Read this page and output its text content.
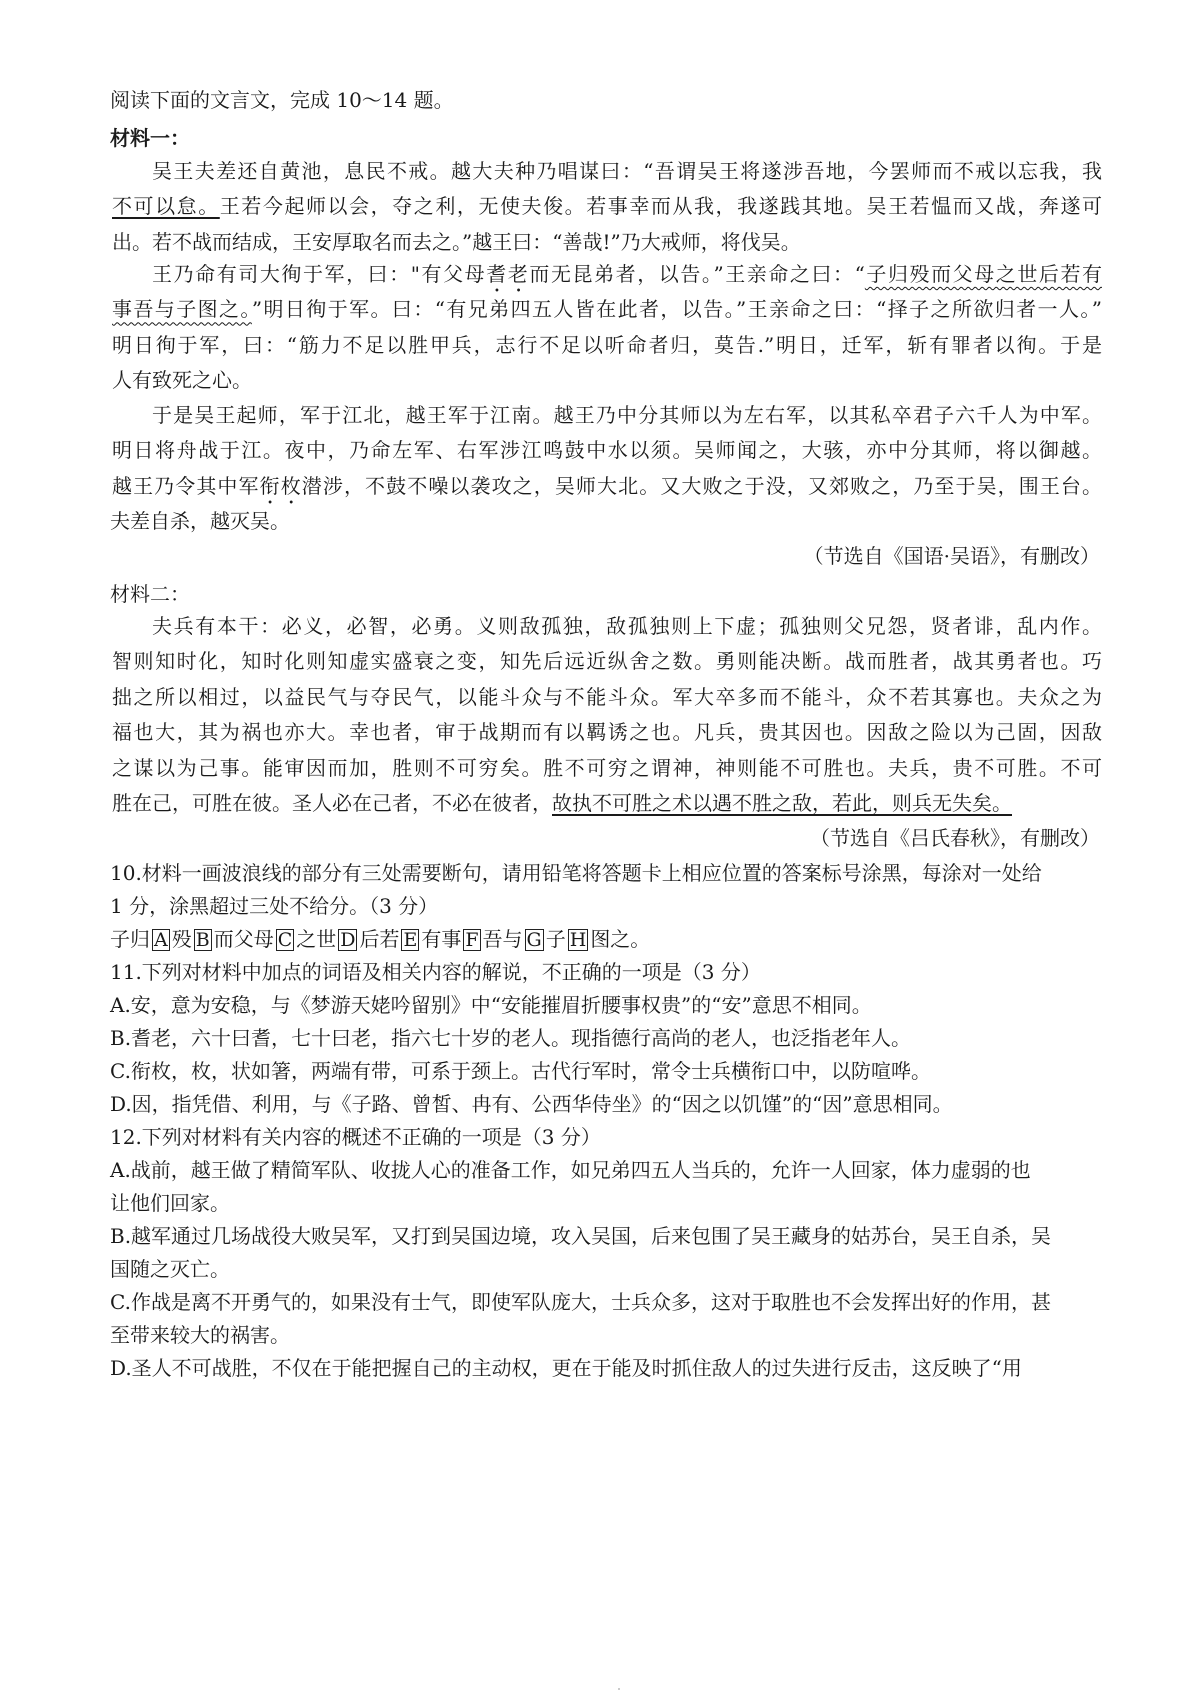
阅读下面的文言文，完成 10～14 题。
材料一：
吴王夫差还自黄池，息民不戒。越大夫种乃唱谋曰：“吾谓吴王将遂涉吾地，今罢师而不戒以忘我，我
不可以怠。王若今起师以会，夺之利，无使夫俊。若事幸而从我，我遂践其地。吴王若愠而又战，奔遂可
出。若不战而结成，王安厚取名而去之。”越王曰：“善哉!”乃大戒师，将伐吴。
王乃命有司大徇于军，曰："有父母耆老而无昆弟者，以告。”王亲命之曰：“子归殁而父母之世后若有
事吾与子图之。”明日徇于军。曰：“有兄弟四五人皆在此者，以告。”王亲命之曰：“择子之所欲归者一人。”
明日徇于军，曰：“筋力不足以胜甲兵，志行不足以听命者归，莫告.”明日，迁军，斩有罪者以徇。于是
人有致死之心。
于是吴王起师，军于江北，越王军于江南。越王乃中分其师以为左右军，以其私卒君子六千人为中军。
明日将舟战于江。夜中，乃命左军、右军涉江鸣鼓中水以须。吴师闻之，大骇，亦中分其师，将以御越。
越王乃令其中军衔枚潜涉，不鼓不噪以袭攻之，吴师大北。又大败之于没，又郊败之，乃至于吴，围王台。
夫差自杀，越灭吴。
（节选自《国语·吴语》，有删改）
材料二：
夫兵有本干：必义，必智，必勇。义则敌孤独，敌孤独则上下虚；孤独则父兄怨，贤者诽，乱内作。
智则知时化，知时化则知虚实盛衰之变，知先后远近纵舍之数。勇则能决断。战而胜者，战其勇者也。巧
拙之所以相过，以益民气与夺民气，以能斗众与不能斗众。军大卒多而不能斗，众不若其寡也。夫众之为
福也大，其为祸也亦大。幸也者，审于战期而有以羁诱之也。凡兵，贵其因也。因敌之险以为己固，因敌
之谋以为己事。能审因而加，胜则不可穷矣。胜不可穷之谓神，神则能不可胜也。夫兵，贵不可胜。不可
胜在己，可胜在彼。圣人必在己者，不必在彼者，故执不可胜之术以遇不胜之敌，若此，则兵无失矣。
（节选自《吕氏春秋》，有删改）
10.材料一画波浪线的部分有三处需要断句，请用铅笔将答题卡上相应位置的答案标号涂黑，每涂对一处给
1 分，涂黑超过三处不给分。（3 分）
子归 A 殁 B 而父母 C 之世 D 后若 E 有事 F 吾与 G 子 H 图之。
11.下列对材料中加点的词语及相关内容的解说，不正确的一项是（3 分）
A.安，意为安稳，与《梦游天姥吟留别》中“安能摧眉折腰事权贵”的“安”意思不相同。
B.耆老，六十曰耆，七十曰老，指六七十岁的老人。现指德行高尚的老人，也泛指老年人。
C.衔枚，枚，状如箸，两端有带，可系于颈上。古代行军时，常令士兵横衔口中，以防喧哗。
D.因，指凭借、利用，与《子路、曾皙、冉有、公西华侍坐》的“因之以饥馑”的“因”意思相同。
12.下列对材料有关内容的概述不正确的一项是（3 分）
A.战前，越王做了精简军队、收拢人心的准备工作，如兄弟四五人当兵的，允许一人回家，体力虚弱的也
让他们回家。
B.越军通过几场战役大败吴军，又打到吴国边境，攻入吴国，后来包围了吴王藏身的姑苏台，吴王自杀，吴
国随之灭亡。
C.作战是离不开勇气的，如果没有士气，即使军队庞大，士兵众多，这对于取胜也不会发挥出好的作用，甚
至带来较大的祸害。
D.圣人不可战胜，不仅在于能把握自己的主动权，更在于能及时抓住敌人的过失进行反击，这反映了“用
